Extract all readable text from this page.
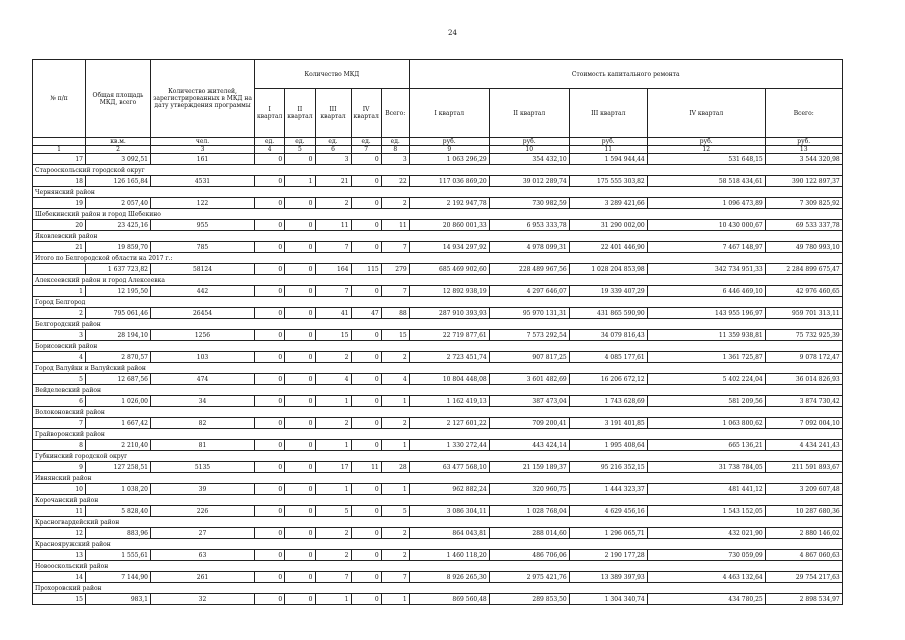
24
№ п/п	Общая площадь МКД, всего	Количество жителей, зарегистрированных в МКД на дату утверждения программы	Количество МКД					Стоимость капитального ремонта				
			I квартал	II квартал	III квартал	IV квартал	Всего:	I квартал	II квартал	III квартал	IV квартал	Всего:
	кв.м.	чел.	ед.	ед.	ед.	ед.	ед.	руб.	руб.	руб.	руб.	руб.
1	2	3	4	5	6	7	8	9	10	11	12	13
17	3 092,51	161	0	0	3	0	3	1 063 296,29	354 432,10	1 594 944,44	531 648,15	3 544 320,98
Старооскольский городской округ												
18	126 165,84	4531	0	1	21	0	22	117 036 869,20	39 012 289,74	175 555 303,82	58 518 434,61	390 122 897,37
Чернянский район												
19	2 057,40	122	0	0	2	0	2	2 192 947,78	730 982,59	3 289 421,66	1 096 473,89	7 309 825,92
Шебекинский район и город Шебекино												
20	23 425,16	955	0	0	11	0	11	20 860 001,33	6 953 333,78	31 290 002,00	10 430 000,67	69 533 337,78
Яковлевский район												
21	19 859,70	785	0	0	7	0	7	14 934 297,92	4 978 099,31	22 401 446,90	7 467 148,97	49 780 993,10
Итого по Белгородской области на 2017 г.:												
	1 637 723,82	58124	0	0	164	115	279	685 469 902,60	228 489 967,56	1 028 204 853,98	342 734 951,33	2 284 899 675,47
Алексеевский район и город Алексеевка												
1	12 195,50	442	0	0	7	0	7	12 892 938,19	4 297 646,07	19 339 407,29	6 446 469,10	42 976 460,65
Город Белгород												
2	795 061,46	26454	0	0	41	47	88	287 910 393,93	95 970 131,31	431 865 590,90	143 955 196,97	959 701 313,11
Белгородский район												
3	28 194,10	1256	0	0	15	0	15	22 719 877,61	7 573 292,54	34 079 816,43	11 359 938,81	75 732 925,39
Борисовский район												
4	2 870,57	103	0	0	2	0	2	2 723 451,74	907 817,25	4 085 177,61	1 361 725,87	9 078 172,47
Город Валуйки и Валуйский район												
5	12 687,56	474	0	0	4	0	4	10 804 448,08	3 601 482,69	16 206 672,12	5 402 224,04	36 014 826,93
Вейделевский район												
6	1 026,00	34	0	0	1	0	1	1 162 419,13	387 473,04	1 743 628,69	581 209,56	3 874 730,42
Волоконовский район												
7	1 667,42	82	0	0	2	0	2	2 127 601,22	709 200,41	3 191 401,85	1 063 800,62	7 092 004,10
Грайворонский район												
8	2 210,40	81	0	0	1	0	1	1 330 272,44	443 424,14	1 995 408,64	665 136,21	4 434 241,43
Губкинский городской округ												
9	127 258,51	5135	0	0	17	11	28	63 477 568,10	21 159 189,37	95 216 352,15	31 738 784,05	211 591 893,67
Ивнянский район												
10	1 038,20	39	0	0	1	0	1	962 882,24	320 960,75	1 444 323,37	481 441,12	3 209 607,48
Корочанский район												
11	5 828,40	226	0	0	5	0	5	3 086 304,11	1 028 768,04	4 629 456,16	1 543 152,05	10 287 680,36
Красногвардейский район												
12	883,96	27	0	0	2	0	2	864 043,81	288 014,60	1 296 065,71	432 021,90	2 880 146,02
Краснояружский район												
13	1 555,61	63	0	0	2	0	2	1 460 118,20	486 706,06	2 190 177,28	730 059,09	4 867 060,63
Новооскольский район												
14	7 144,90	261	0	0	7	0	7	8 926 265,30	2 975 421,76	13 389 397,93	4 463 132,64	29 754 217,63
Прохоровский район												
15	983,1	32	0	0	1	0	1	869 560,48	289 853,50	1 304 340,74	434 780,25	2 898 534,97
